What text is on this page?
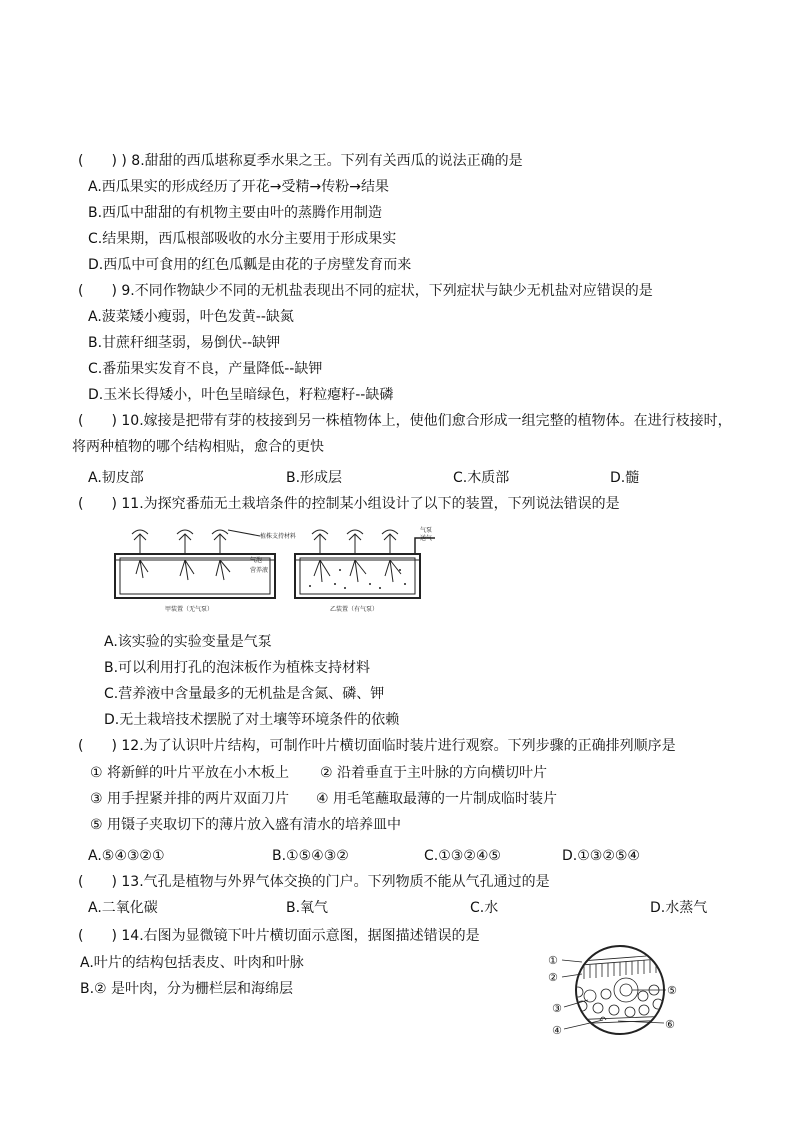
(　　) ) 8.甜甜的西瓜堪称夏季水果之王。下列有关西瓜的说法正确的是
A.西瓜果实的形成经历了开花→受精→传粉→结果
B.西瓜中甜甜的有机物主要由叶的蒸腾作用制造
C.结果期，西瓜根部吸收的水分主要用于形成果实
D.西瓜中可食用的红色瓜瓤是由花的子房壁发育而来
(　　) 9.不同作物缺少不同的无机盐表现出不同的症状，下列症状与缺少无机盐对应错误的是
A.菠菜矮小瘦弱，叶色发黄--缺氮
B.甘蔗秆细茎弱，易倒伏--缺钾
C.番茄果实发育不良，产量降低--缺钾
D.玉米长得矮小，叶色呈暗绿色，籽粒瘪籽--缺磷
(　　) 10.嫁接是把带有芽的枝接到另一株植物体上，使他们愈合形成一组完整的植物体。在进行枝接时，
将两种植物的哪个结构相贴，愈合的更快
A.韧皮部	B.形成层	C.木质部	D.髓
(　　) 11.为探究番茄无土栽培条件的控制某小组设计了以下的装置，下列说法错误的是
植株支持材料
气泡
营养液
气泵
送气
甲装置（无气泵）	乙装置（有气泵）
A.该实验的实验变量是气泵
B.可以利用打孔的泡沫板作为植株支持材料
C.营养液中含量最多的无机盐是含氮、磷、钾
D.无土栽培技术摆脱了对土壤等环境条件的依赖
(　　) 12.为了认识叶片结构，可制作叶片横切面临时装片进行观察。下列步骤的正确排列顺序是
① 将新鲜的叶片平放在小木板上 ② 沿着垂直于主叶脉的方向横切叶片
③ 用手捏紧并排的两片双面刀片 ④ 用毛笔蘸取最薄的一片制成临时装片
⑤ 用镊子夹取切下的薄片放入盛有清水的培养皿中
A.⑤④③②①	B.①⑤④③②	C.①③②④⑤	D.①③②⑤④
(　　) 13.气孔是植物与外界气体交换的门户。下列物质不能从气孔通过的是
A.二氧化碳	B.氧气	C.水	D.水蒸气
(　　) 14.右图为显微镜下叶片横切面示意图，据图描述错误的是
A.叶片的结构包括表皮、叶肉和叶脉
B.② 是叶肉，分为栅栏层和海绵层
①
②
③
④
⑤
⑥
